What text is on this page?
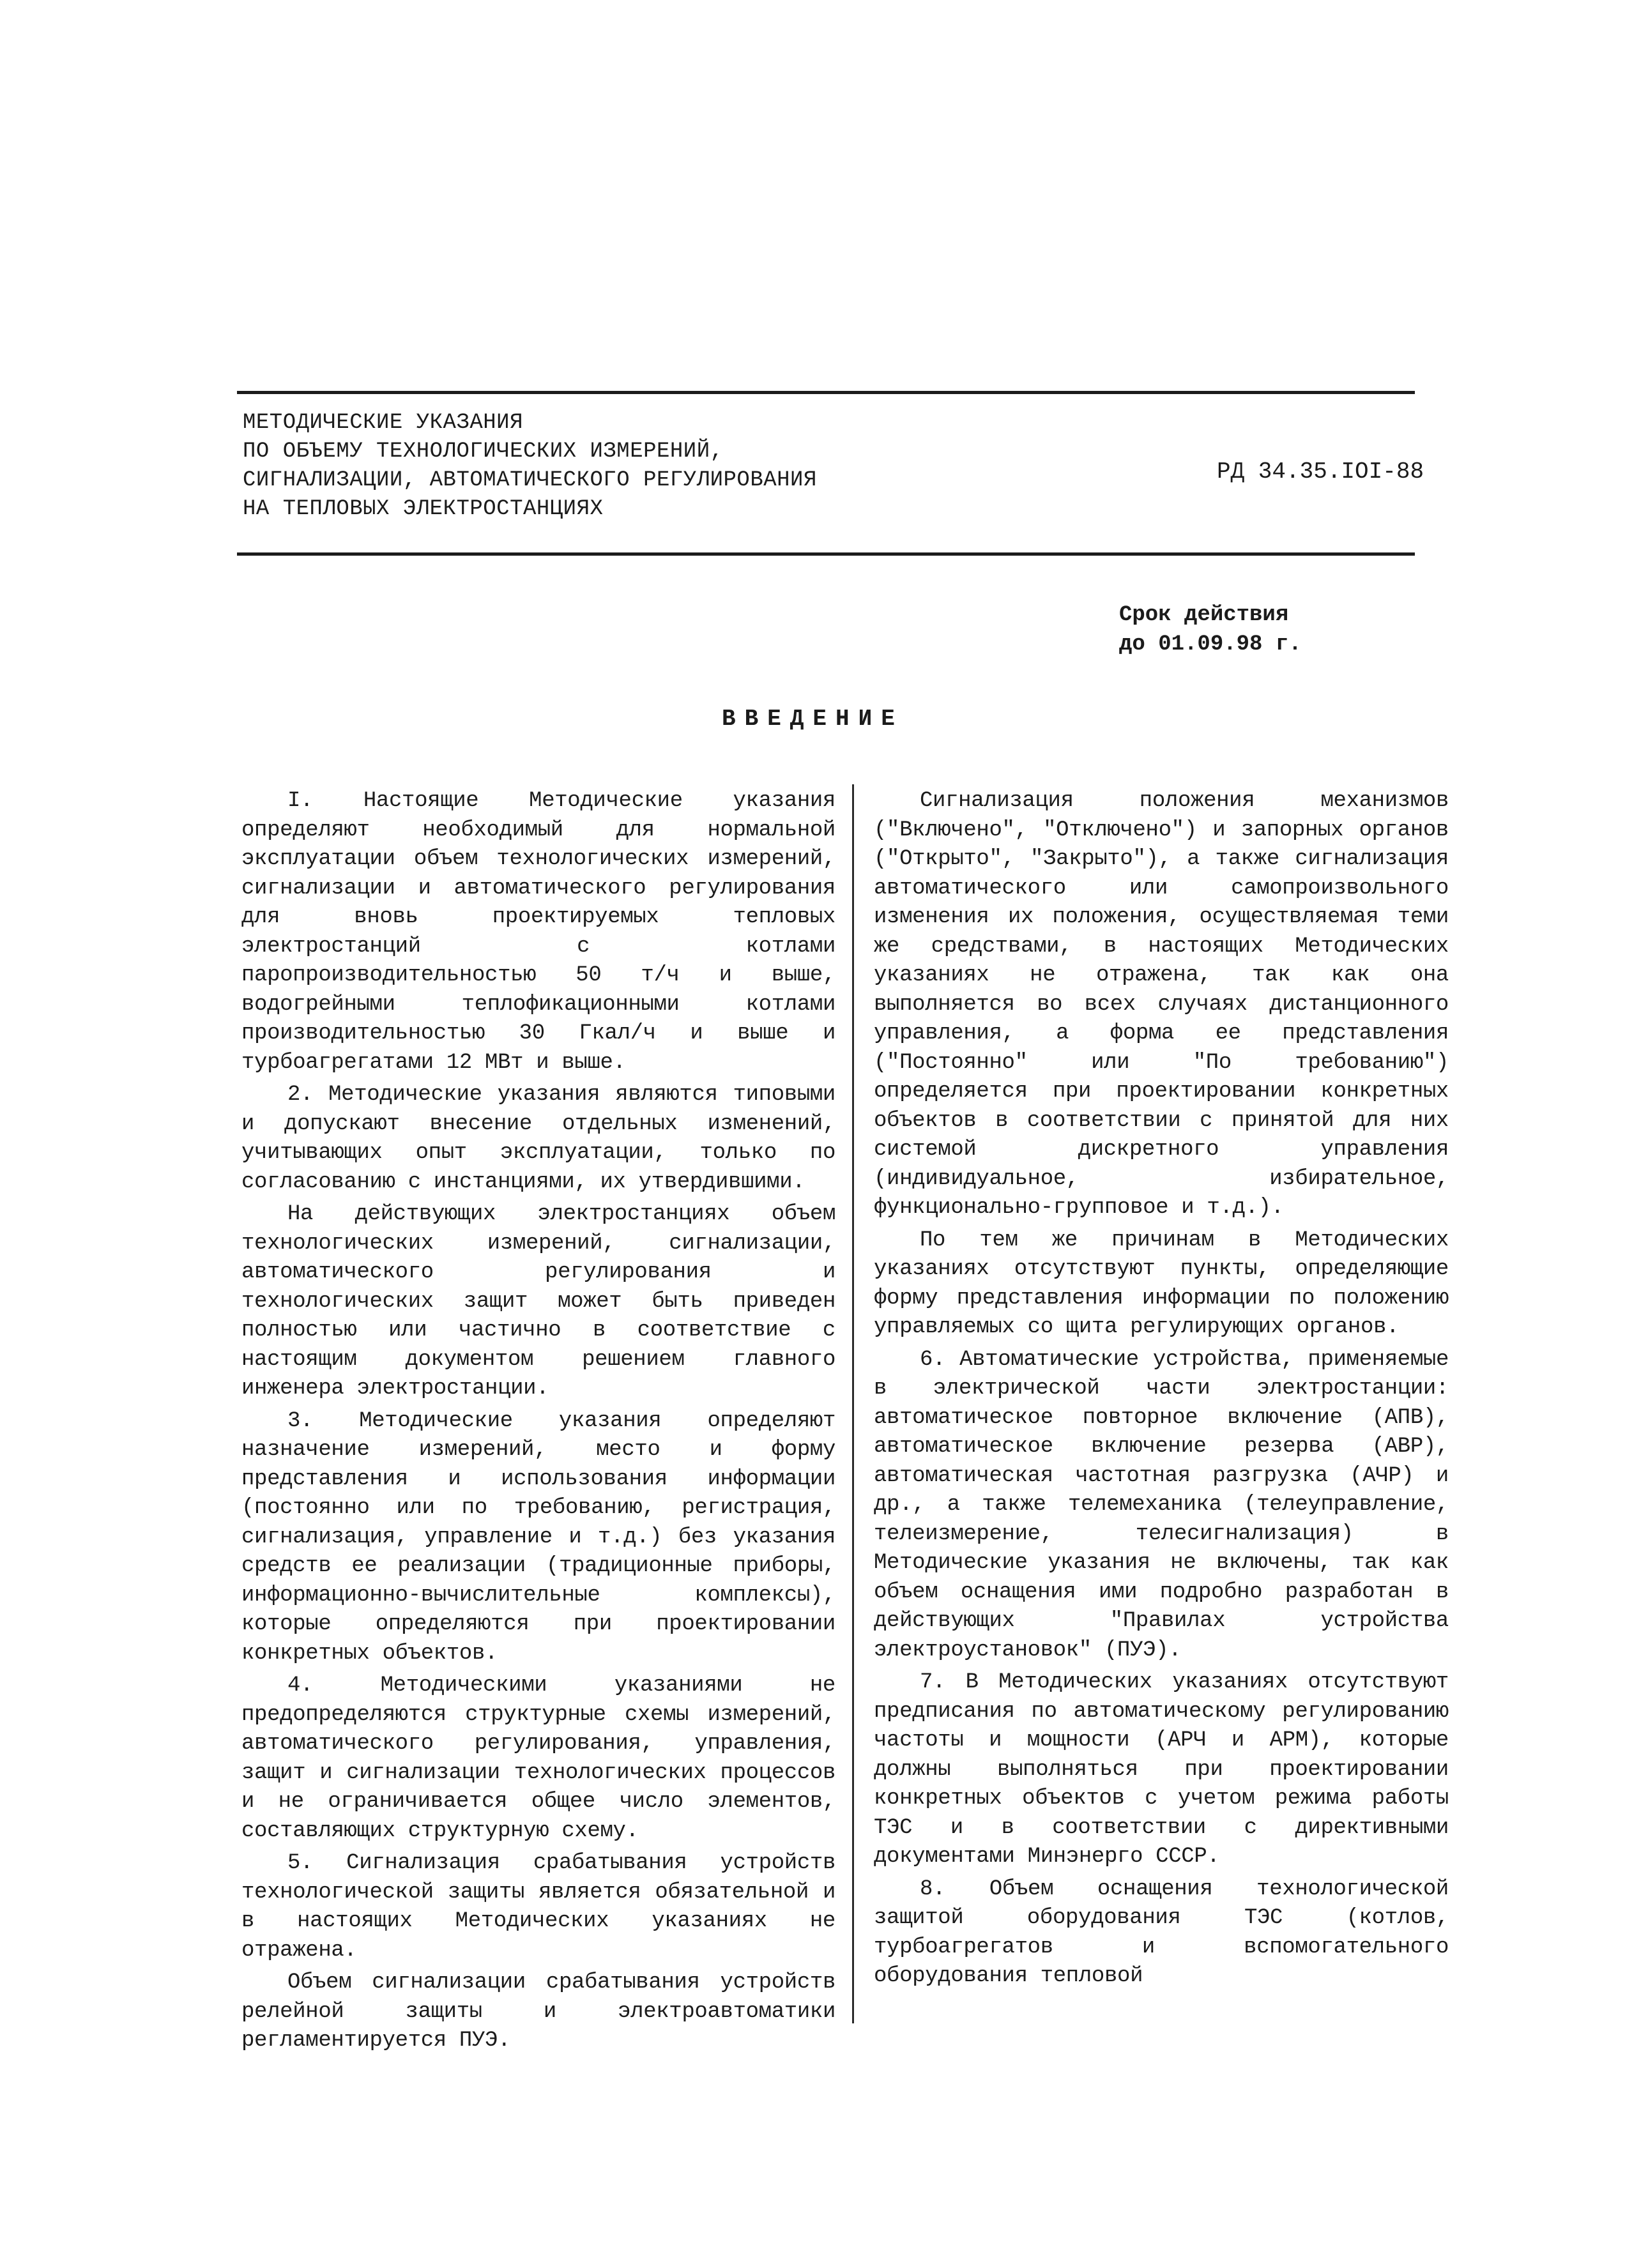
МЕТОДИЧЕСКИЕ УКАЗАНИЯ
ПО ОБЪЕМУ ТЕХНОЛОГИЧЕСКИХ ИЗМЕРЕНИЙ,
СИГНАЛИЗАЦИИ, АВТОМАТИЧЕСКОГО РЕГУЛИРОВАНИЯ
НА ТЕПЛОВЫХ ЭЛЕКТРОСТАНЦИЯХ
РД 34.35.IOI-88
Срок действия
до 01.09.98 г.
ВВЕДЕНИЕ

I. Настоящие Методические указания определяют необходимый для нормальной эксплуатации объем технологических измерений, сигнализации и автоматического регулирования для вновь проектируемых тепловых электростанций с котлами паропроизводительностью 50 т/ч и выше, водогрейными теплофикационными котлами производительностью 30 Гкал/ч и выше и турбоагрегатами 12 МВт и выше.

2. Методические указания являются типовыми и допускают внесение отдельных изменений, учитывающих опыт эксплуатации, только по согласованию с инстанциями, их утвердившими.

На действующих электростанциях объем технологических измерений, сигнализации, автоматического регулирования и технологических защит может быть приведен полностью или частично в соответствие с настоящим документом решением главного инженера электростанции.

3. Методические указания определяют назначение измерений, место и форму представления и использования информации (постоянно или по требованию, регистрация, сигнализация, управление и т.д.) без указания средств ее реализации (традиционные приборы, информационно-вычислительные комплексы), которые определяются при проектировании конкретных объектов.

4. Методическими указаниями не предопределяются структурные схемы измерений, автоматического регулирования, управления, защит и сигнализации технологических процессов и не ограничивается общее число элементов, составляющих структурную схему.

5. Сигнализация срабатывания устройств технологической защиты является обязательной и в настоящих Методических указаниях не отражена.

Объем сигнализации срабатывания устройств релейной защиты и электроавтоматики регламентируется ПУЭ.

Сигнализация положения механизмов ("Включено", "Отключено") и запорных органов ("Открыто", "Закрыто"), а также сигнализация автоматического или самопроизвольного изменения их положения, осуществляемая теми же средствами, в настоящих Методических указаниях не отражена, так как она выполняется во всех случаях дистанционного управления, а форма ее представления ("Постоянно" или "По требованию") определяется при проектировании конкретных объектов в соответствии с принятой для них системой дискретного управления (индивидуальное, избирательное, функционально-групповое и т.д.).

По тем же причинам в Методических указаниях отсутствуют пункты, определяющие форму представления информации по положению управляемых со щита регулирующих органов.

6. Автоматические устройства, применяемые в электрической части электростанции: автоматическое повторное включение (АПВ), автоматическое включение резерва (АВР), автоматическая частотная разгрузка (АЧР) и др., а также телемеханика (телеуправление, телеизмерение, телесигнализация) в Методические указания не включены, так как объем оснащения ими подробно разработан в действующих "Правилах устройства электроустановок" (ПУЭ).

7. В Методических указаниях отсутствуют предписания по автоматическому регулированию частоты и мощности (АРЧ и АРМ), которые должны выполняться при проектировании конкретных объектов с учетом режима работы ТЭС и в соответствии с директивными документами Минэнерго СССР.

8. Объем оснащения технологической защитой оборудования ТЭС (котлов, турбоагрегатов и вспомогательного оборудования тепловой
